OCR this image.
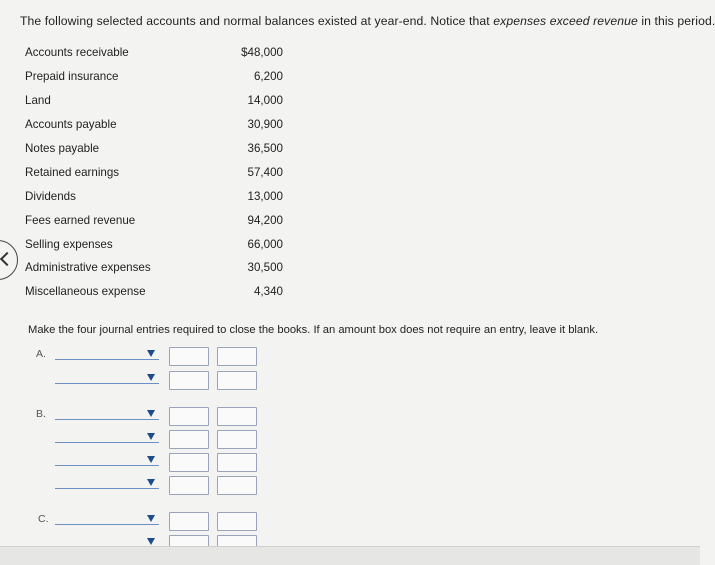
The following selected accounts and normal balances existed at year-end. Notice that expenses exceed revenue in this period.
Accounts receivable	$48,000
Prepaid insurance	6,200
Land	14,000
Accounts payable	30,900
Notes payable	36,500
Retained earnings	57,400
Dividends	13,000
Fees earned revenue	94,200
Selling expenses	66,000
Administrative expenses	30,500
Miscellaneous expense	4,340
Make the four journal entries required to close the books. If an amount box does not require an entry, leave it blank.
A.
B.
C.
